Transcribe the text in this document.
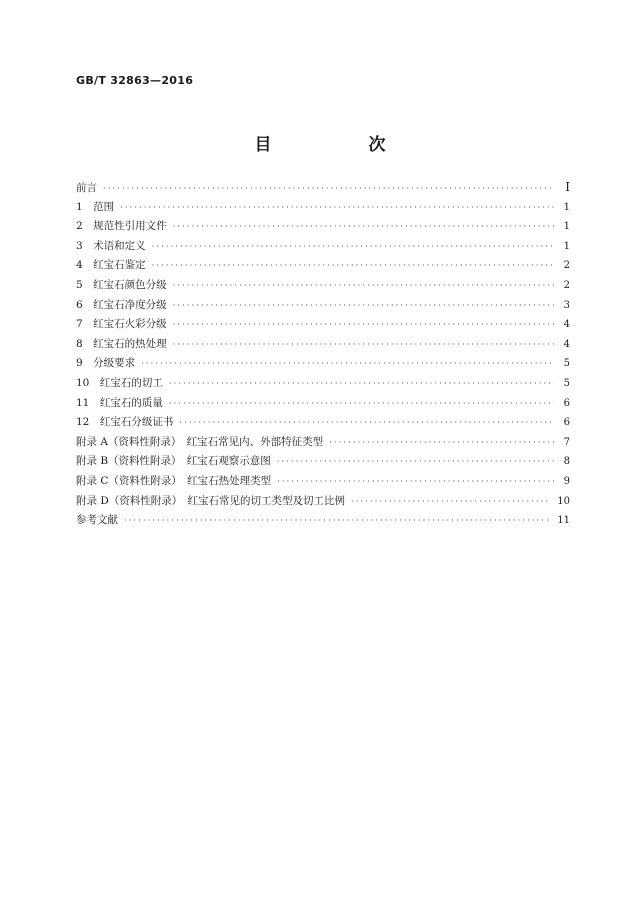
GB/T 32863—2016
目　次
前言 ·····	Ⅰ
1　范围 ·····	1
2　规范性引用文件 ·····	1
3　术语和定义 ·····	1
4　红宝石鉴定 ·····	2
5　红宝石颜色分级 ·····	2
6　红宝石净度分级 ·····	3
7　红宝石火彩分级 ·····	4
8　红宝石的热处理 ·····	4
9　分级要求 ·····	5
10　红宝石的切工 ·····	5
11　红宝石的质量 ·····	6
12　红宝石分级证书 ·····	6
附录 A（资料性附录）　红宝石常见内、外部特征类型 ·····	7
附录 B（资料性附录）　红宝石观察示意图 ·····	8
附录 C（资料性附录）　红宝石热处理类型 ·····	9
附录 D（资料性附录）　红宝石常见的切工类型及切工比例 ·····	10
参考文献 ·····	11
